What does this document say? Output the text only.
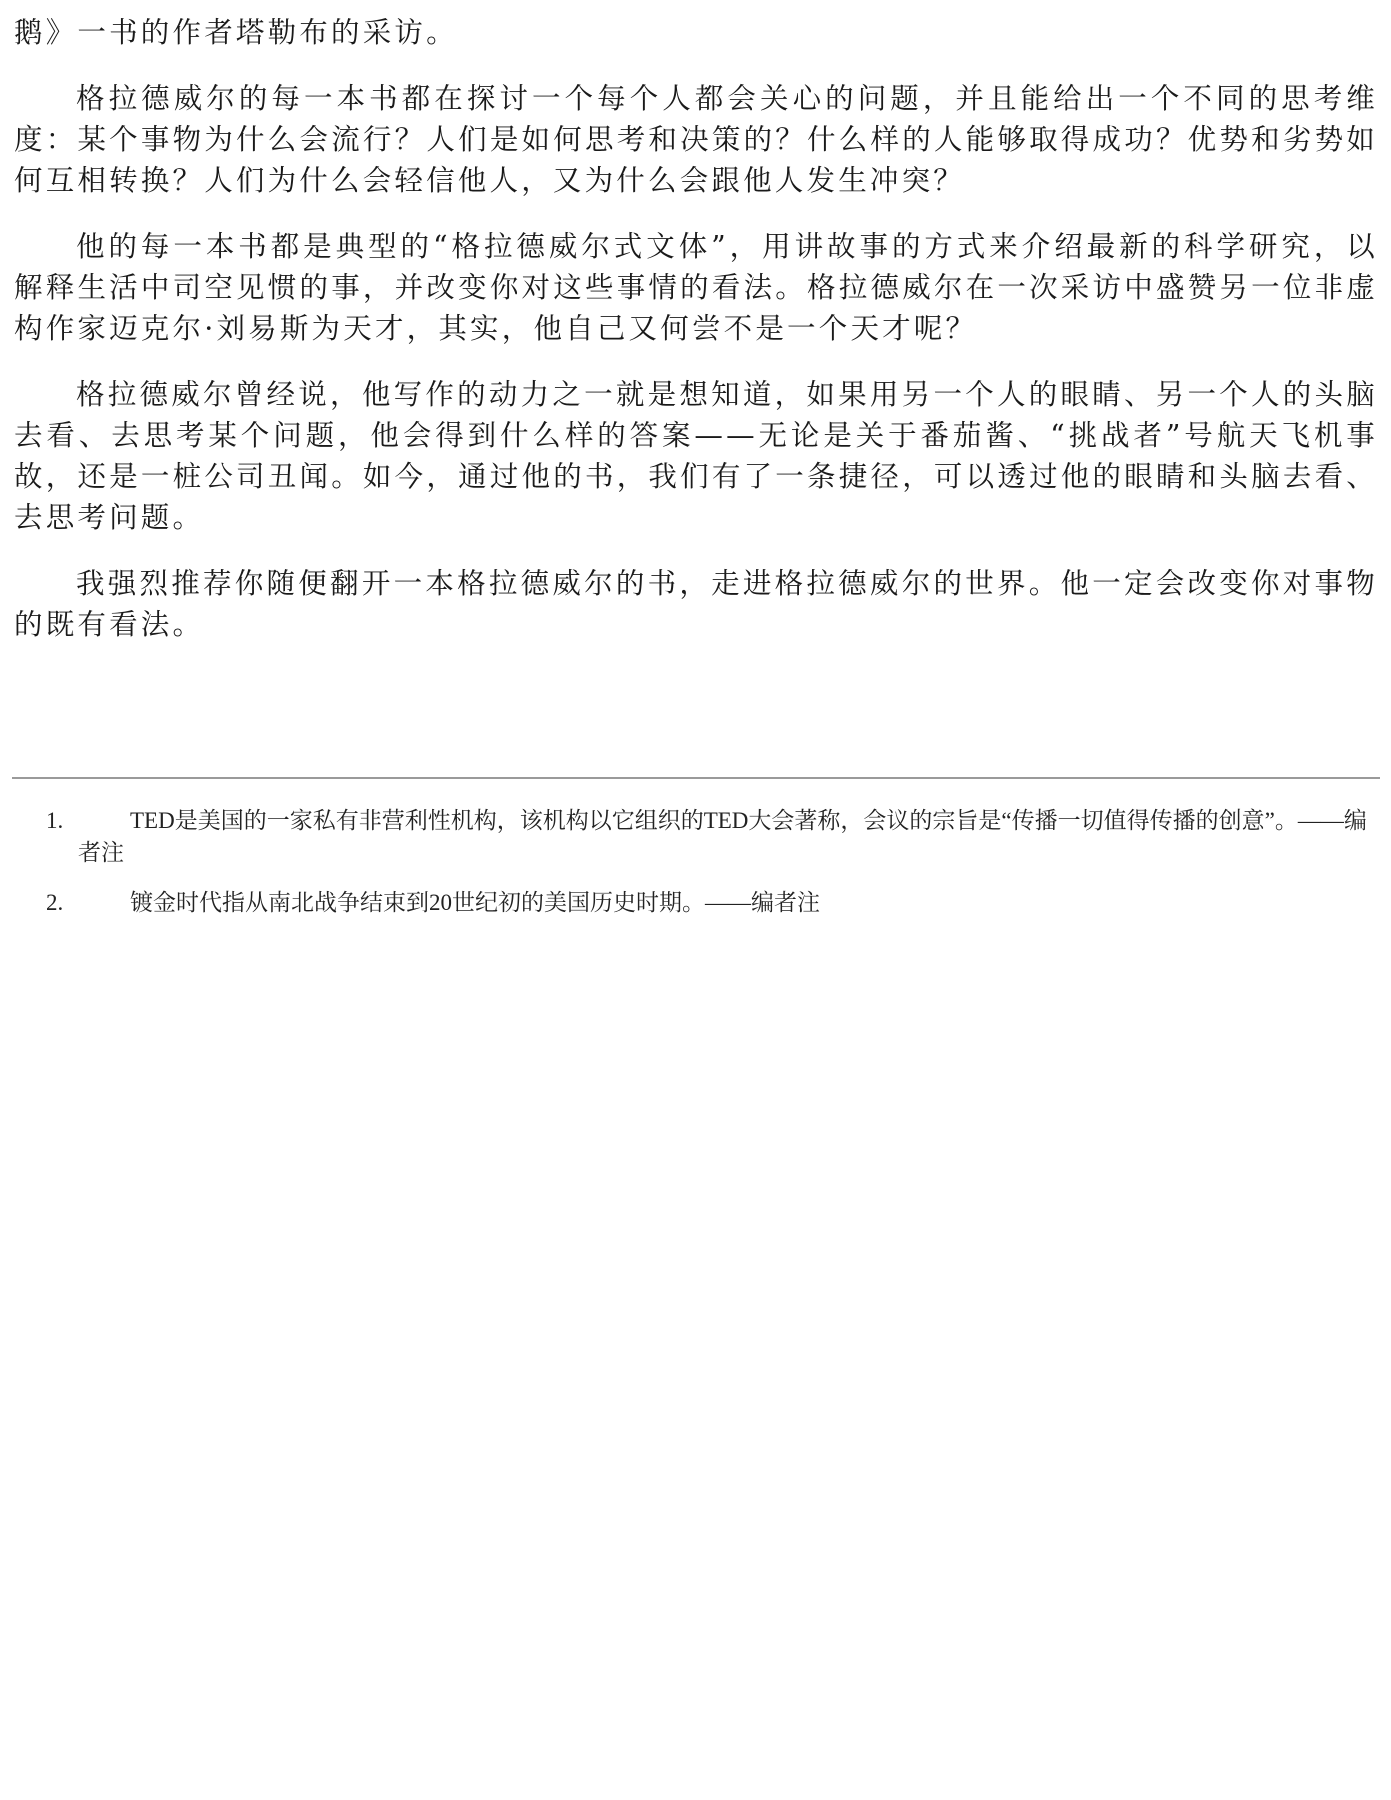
鹅》一书的作者塔勒布的采访。

格拉德威尔的每一本书都在探讨一个每个人都会关心的问题，并且能给出一个不同的思考维度：某个事物为什么会流行？人们是如何思考和决策的？什么样的人能够取得成功？优势和劣势如何互相转换？人们为什么会轻信他人，又为什么会跟他人发生冲突？

他的每一本书都是典型的“格拉德威尔式文体”，用讲故事的方式来介绍最新的科学研究，以解释生活中司空见惯的事，并改变你对这些事情的看法。格拉德威尔在一次采访中盛赞另一位非虚构作家迈克尔·刘易斯为天才，其实，他自己又何尝不是一个天才呢？

格拉德威尔曾经说，他写作的动力之一就是想知道，如果用另一个人的眼睛、另一个人的头脑去看、去思考某个问题，他会得到什么样的答案——无论是关于番茄酱、“挑战者”号航天飞机事故，还是一桩公司丑闻。如今，通过他的书，我们有了一条捷径，可以透过他的眼睛和头脑去看、去思考问题。

我强烈推荐你随便翻开一本格拉德威尔的书，走进格拉德威尔的世界。他一定会改变你对事物的既有看法。

1.	TED是美国的一家私有非营利性机构，该机构以它组织的TED大会著称，会议的宗旨是“传播一切值得传播的创意”。——编者注
2.	镀金时代指从南北战争结束到20世纪初的美国历史时期。——编者注
